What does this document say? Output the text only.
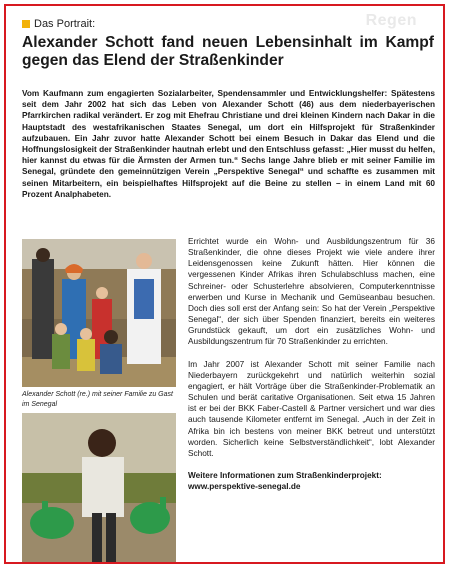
Das Portrait:	Regen
Alexander Schott fand neuen Lebensinhalt im Kampf gegen das Elend der Straßenkinder
Vom Kaufmann zum engagierten Sozialarbeiter, Spendensammler und Entwicklungshelfer: Spätestens seit dem Jahr 2002 hat sich das Leben von Alexander Schott (46) aus dem niederbayerischen Pfarrkirchen radikal verändert. Er zog mit Ehefrau Christiane und drei kleinen Kindern nach Dakar in die Hauptstadt des westafrikanischen Staates Senegal, um dort ein Hilfsprojekt für Straßenkinder aufzubauen. Ein Jahr zuvor hatte Alexander Schott bei einem Besuch in Dakar das Elend und die Hoffnungslosigkeit der Straßenkinder hautnah erlebt und den Entschluss gefasst: „Hier musst du helfen, hier kannst du etwas für die Ärmsten der Armen tun.“ Sechs lange Jahre blieb er mit seiner Familie im Senegal, gründete den gemeinnützigen Verein „Perspektive Senegal“ und schaffte es zusammen mit seinen Mitarbeitern, ein beispielhaftes Hilfsprojekt auf die Beine zu stellen – in einem Land mit 60 Prozent Analphabeten.
Alexander Schott (re.) mit seiner Familie zu Gast im Senegal

Errichtet wurde ein Wohn- und Ausbildungszentrum für 36 Straßenkinder, die ohne dieses Projekt wie viele andere ihrer Leidensgenossen keine Zukunft hätten. Hier können die vergessenen Kinder Afrikas ihren Schulabschluss machen, eine Schreiner- oder Schusterlehre absolvieren, Computerkenntnisse erwerben und Kurse in Mechanik und Gemüseanbau besuchen. Doch dies soll erst der Anfang sein: So hat der Verein „Perspektive Senegal“, der sich über Spenden finanziert, bereits ein weiteres Grundstück gekauft, um dort ein zusätzliches Wohn- und Ausbildungszentrum für 70 Straßenkinder zu errichten.

Im Jahr 2007 ist Alexander Schott mit seiner Familie nach Niederbayern zurückgekehrt und natürlich weiterhin sozial engagiert, er hält Vorträge über die Straßenkinder-Problematik an Schulen und berät caritative Organisationen. Seit etwa 15 Jahren ist er bei der BKK Faber-Castell & Partner versichert und war dies auch tausende Kilometer entfernt im Senegal. „Auch in der Zeit in Afrika bin ich bestens von meiner BKK betreut und unterstützt worden. Sicherlich keine Selbstverständlichkeit“, lobt Alexander Schott.

Weitere Informationen zum Straßenkinderprojekt:

www.perspektive-senegal.de
